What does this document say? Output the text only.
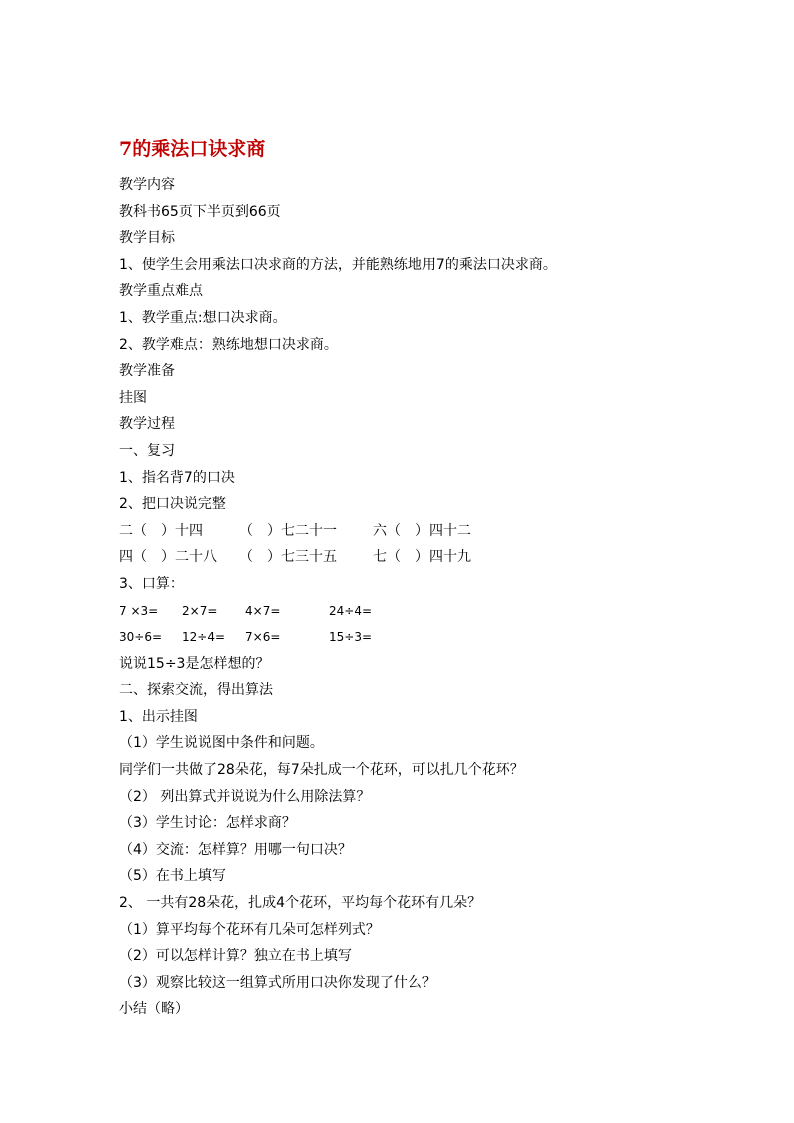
7的乘法口诀求商
教学内容
教科书65页下半页到66页
教学目标
1、使学生会用乘法口决求商的方法，并能熟练地用7的乘法口决求商。
教学重点难点
1、教学重点:想口决求商。
2、教学难点：熟练地想口决求商。
教学准备
挂图
教学过程
一、复习
1、指名背7的口决
2、把口决说完整
二（　）十四	（　）七二十一	六（　）四十二
四（　）二十八	（　）七三十五	七（　）四十九
3、口算：
7 ×3=	2×7=	4×7=	24÷4=
30÷6=	12÷4=	7×6=	15÷3=
说说15÷3是怎样想的？
二、探索交流，得出算法
1、出示挂图
（1）学生说说图中条件和问题。
同学们一共做了28朵花，每7朵扎成一个花环，可以扎几个花环？
（2） 列出算式并说说为什么用除法算？
（3）学生讨论：怎样求商？
（4）交流：怎样算？用哪一句口决？
（5）在书上填写
2、 一共有28朵花，扎成4个花环，平均每个花环有几朵？
（1）算平均每个花环有几朵可怎样列式？
（2）可以怎样计算？独立在书上填写
（3）观察比较这一组算式所用口决你发现了什么？
小结（略）
